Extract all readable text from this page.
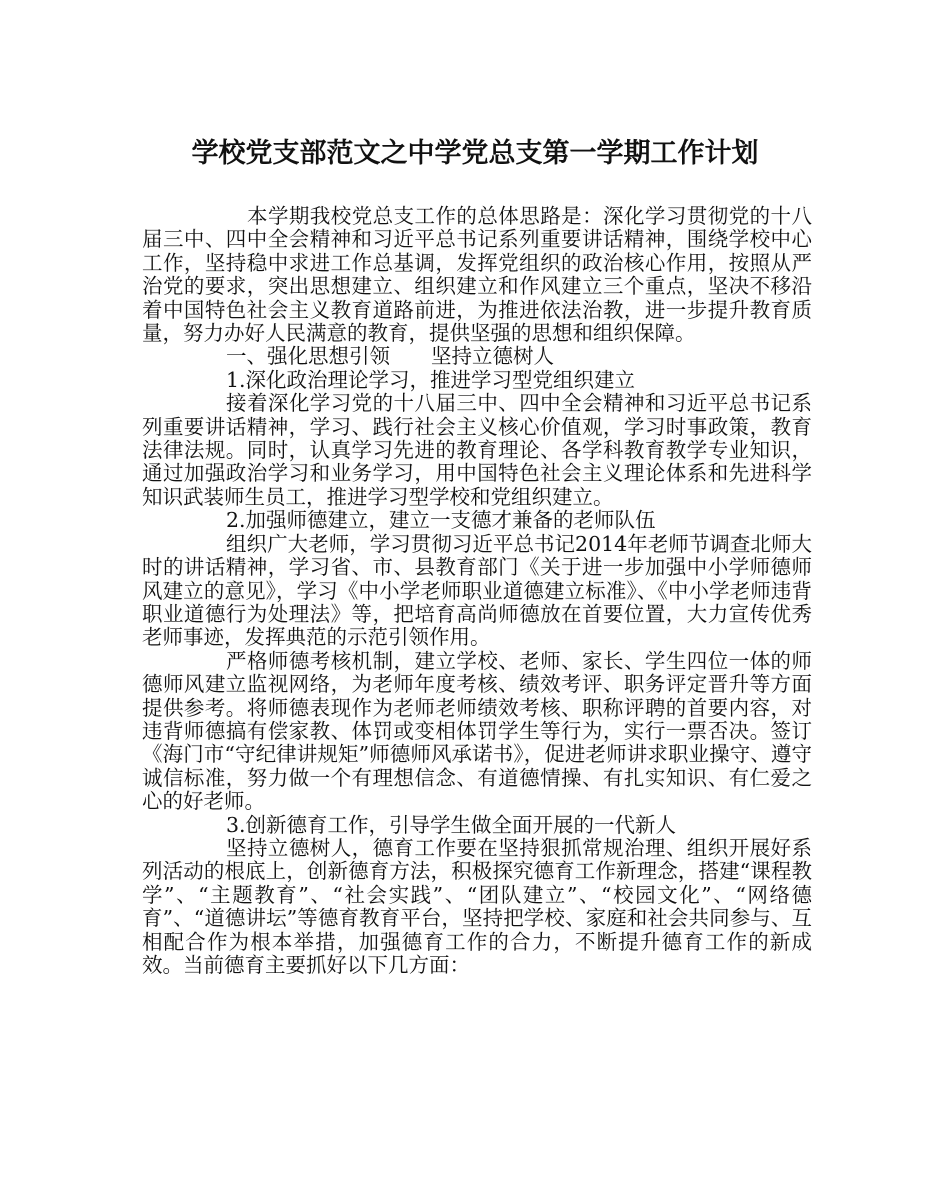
学校党支部范文之中学党总支第一学期工作计划

本学期我校党总支工作的总体思路是：深化学习贯彻党的十八届三中、四中全会精神和习近平总书记系列重要讲话精神，围绕学校中心工作，坚持稳中求进工作总基调，发挥党组织的政治核心作用，按照从严治党的要求，突出思想建立、组织建立和作风建立三个重点，坚决不移沿着中国特色社会主义教育道路前进，为推进依法治教，进一步提升教育质量，努力办好人民满意的教育，提供坚强的思想和组织保障。

一、强化思想引领　　坚持立德树人

1.深化政治理论学习，推进学习型党组织建立

接着深化学习党的十八届三中、四中全会精神和习近平总书记系列重要讲话精神，学习、践行社会主义核心价值观，学习时事政策，教育法律法规。同时，认真学习先进的教育理论、各学科教育教学专业知识，通过加强政治学习和业务学习，用中国特色社会主义理论体系和先进科学知识武装师生员工，推进学习型学校和党组织建立。

2.加强师德建立，建立一支德才兼备的老师队伍

组织广大老师，学习贯彻习近平总书记2014年老师节调查北师大时的讲话精神，学习省、市、县教育部门《关于进一步加强中小学师德师风建立的意见》，学习《中小学老师职业道德建立标准》、《中小学老师违背职业道德行为处理法》等，把培育高尚师德放在首要位置，大力宣传优秀老师事迹，发挥典范的示范引领作用。

严格师德考核机制，建立学校、老师、家长、学生四位一体的师德师风建立监视网络，为老师年度考核、绩效考评、职务评定晋升等方面提供参考。将师德表现作为老师老师绩效考核、职称评聘的首要内容，对违背师德搞有偿家教、体罚或变相体罚学生等行为，实行一票否决。签订《海门市“守纪律讲规矩”师德师风承诺书》，促进老师讲求职业操守、遵守诚信标准，努力做一个有理想信念、有道德情操、有扎实知识、有仁爱之心的好老师。

3.创新德育工作，引导学生做全面开展的一代新人

坚持立德树人，德育工作要在坚持狠抓常规治理、组织开展好系列活动的根底上，创新德育方法，积极探究德育工作新理念，搭建“课程教学”、“主题教育”、“社会实践”、“团队建立”、“校园文化”、“网络德育”、“道德讲坛”等德育教育平台，坚持把学校、家庭和社会共同参与、互相配合作为根本举措，加强德育工作的合力，不断提升德育工作的新成效。当前德育主要抓好以下几方面：
